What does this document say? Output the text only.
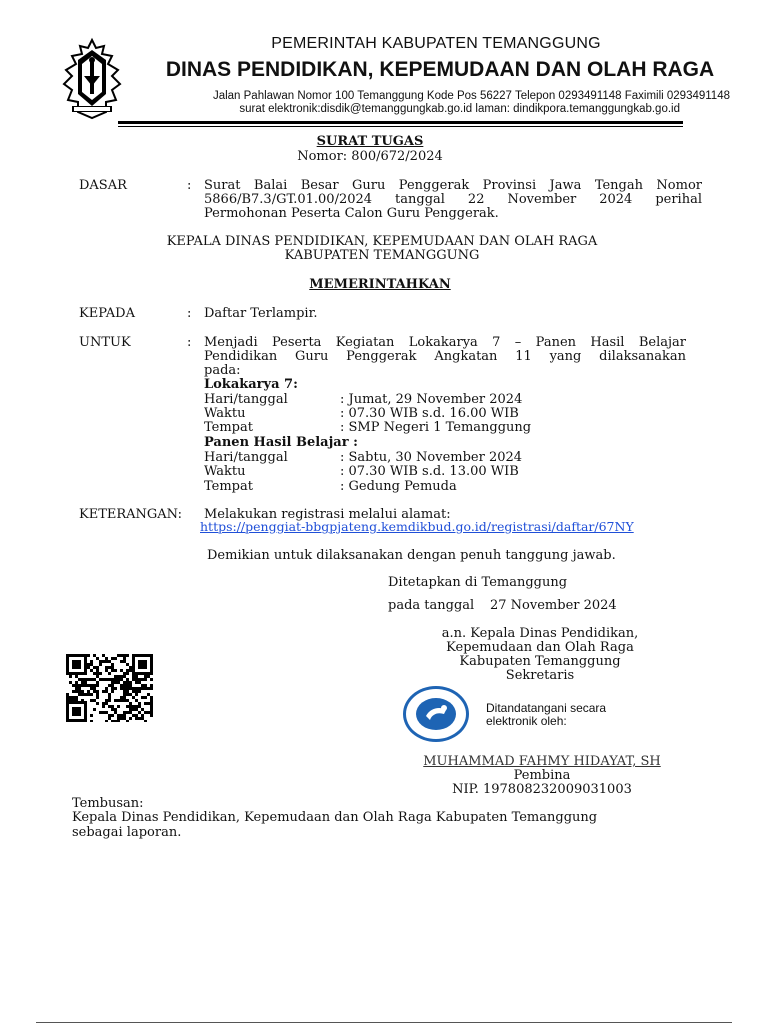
PEMERINTAH KABUPATEN TEMANGGUNG
DINAS PENDIDIKAN, KEPEMUDAAN DAN OLAH RAGA
Jalan Pahlawan Nomor 100 Temanggung Kode Pos 56227 Telepon 0293491148 Faximili 0293491148
surat elektronik:disdik@temanggungkab.go.id laman: dindikpora.temanggungkab.go.id
SURAT TUGAS
Nomor: 800/672/2024
DASAR	: Surat Balai Besar Guru Penggerak Provinsi Jawa Tengah Nomor
5866/B7.3/GT.01.00/2024 tanggal 22 November 2024 perihal
Permohonan Peserta Calon Guru Penggerak.
KEPALA DINAS PENDIDIKAN, KEPEMUDAAN DAN OLAH RAGA
KABUPATEN TEMANGGUNG
MEMERINTAHKAN
KEPADA	: Daftar Terlampir.
UNTUK	: Menjadi Peserta Kegiatan Lokakarya 7 – Panen Hasil Belajar
Pendidikan Guru Penggerak Angkatan 11 yang dilaksanakan
pada:
Lokakarya 7:
Hari/tanggal	: Jumat, 29 November 2024
Waktu	: 07.30 WIB s.d. 16.00 WIB
Tempat	: SMP Negeri 1 Temanggung
Panen Hasil Belajar :
Hari/tanggal	: Sabtu, 30 November 2024
Waktu	: 07.30 WIB s.d. 13.00 WIB
Tempat	: Gedung Pemuda
KETERANGAN: Melakukan registrasi melalui alamat:
https://penggiat-bbgpjateng.kemdikbud.go.id/registrasi/daftar/67NY
Demikian untuk dilaksanakan dengan penuh tanggung jawab.
Ditetapkan di Temanggung
pada tanggal 27 November 2024
a.n. Kepala Dinas Pendidikan,
Kepemudaan dan Olah Raga
Kabupaten Temanggung
Sekretaris
Ditandatangani secara
elektronik oleh:
MUHAMMAD FAHMY HIDAYAT, SH
Pembina
NIP. 197808232009031003
Tembusan:
Kepala Dinas Pendidikan, Kepemudaan dan Olah Raga Kabupaten Temanggung
sebagai laporan.
